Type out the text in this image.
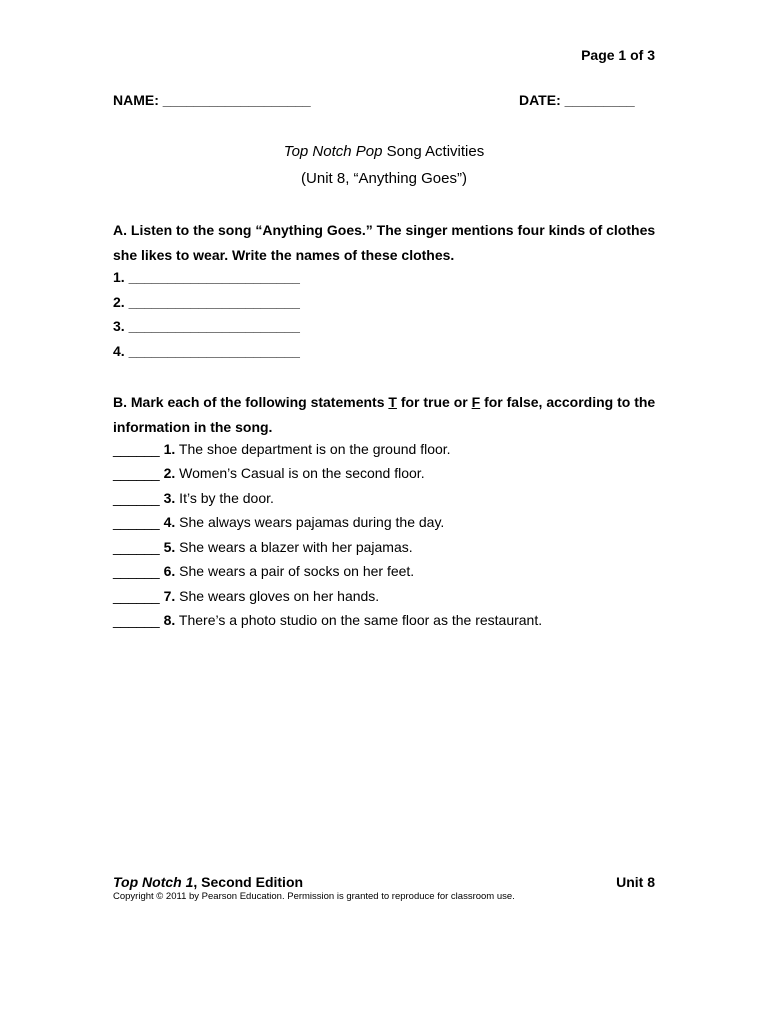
Page 1 of 3
NAME: ___________________	DATE: _________
Top Notch Pop Song Activities
(Unit 8, “Anything Goes”)
A. Listen to the song “Anything Goes.” The singer mentions four kinds of clothes she likes to wear. Write the names of these clothes.
1. ______________________
2. ______________________
3. ______________________
4. ______________________
B. Mark each of the following statements T for true or F for false, according to the information in the song.
______ 1. The shoe department is on the ground floor.
______ 2. Women’s Casual is on the second floor.
______ 3. It’s by the door.
______ 4. She always wears pajamas during the day.
______ 5. She wears a blazer with her pajamas.
______ 6. She wears a pair of socks on her feet.
______ 7. She wears gloves on her hands.
______ 8. There’s a photo studio on the same floor as the restaurant.
Top Notch 1, Second Edition	Unit 8
Copyright © 2011 by Pearson Education. Permission is granted to reproduce for classroom use.
